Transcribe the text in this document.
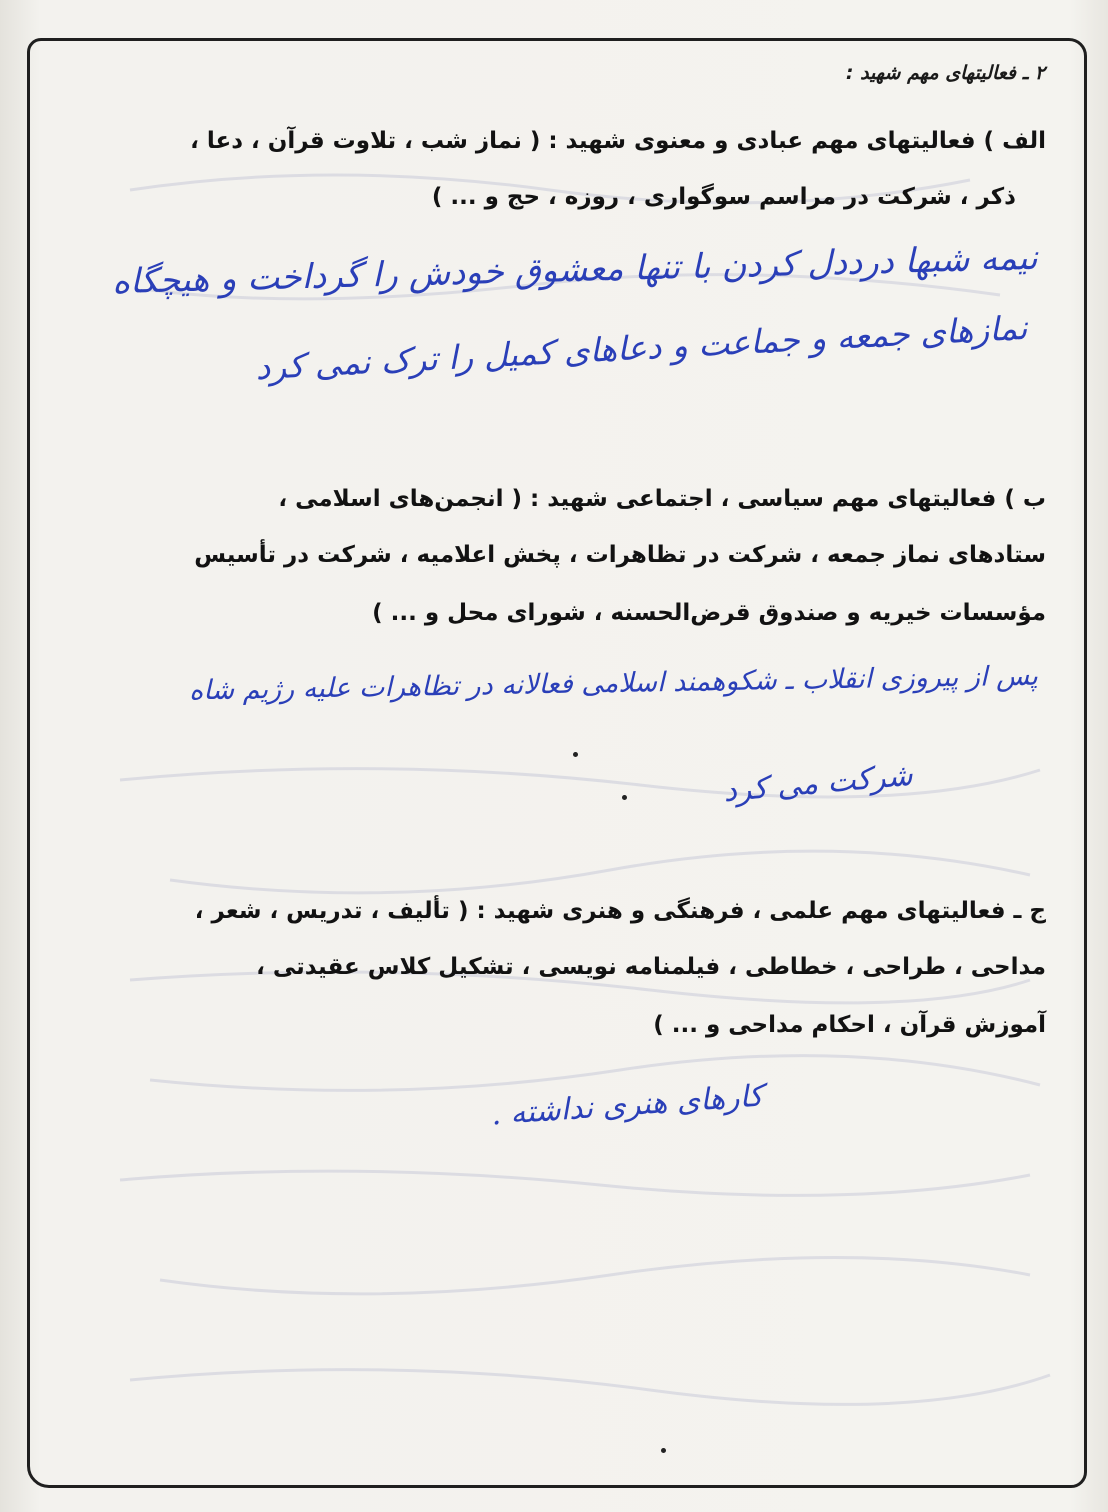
۲ ـ فعالیتهای مهم شهید :
الف ) فعالیتهای مهم عبادی و معنوی شهید : ( نماز شب ، تلاوت قرآن ، دعا ،
ذکر ، شرکت در مراسم سوگواری ، روزه ، حج و ... )
نیمه شبها درددل کردن با تنها معشوق خودش را گرداخت و هیچگاه
نمازهای جمعه و جماعت و دعاهای کمیل را ترک نمی کرد
ب ) فعالیتهای مهم سیاسی ، اجتماعی شهید : ( انجمن‌های اسلامی ،
ستادهای نماز جمعه ، شرکت در تظاهرات ، پخش اعلامیه ، شرکت در تأسیس
مؤسسات خیریه و صندوق قرض‌الحسنه ، شورای محل و ... )
پس از پیروزی انقلاب ـ شکوهمند اسلامی فعالانه در تظاهرات علیه رژیم شاه
شرکت می کرد
ج ـ فعالیتهای مهم علمی ، فرهنگی و هنری شهید : ( تألیف ، تدریس ، شعر ،
مداحی ، طراحی ، خطاطی ، فیلمنامه نویسی ، تشکیل کلاس عقیدتی ،
آموزش قرآن ، احکام مداحی و ... )
کارهای هنری نداشته .
